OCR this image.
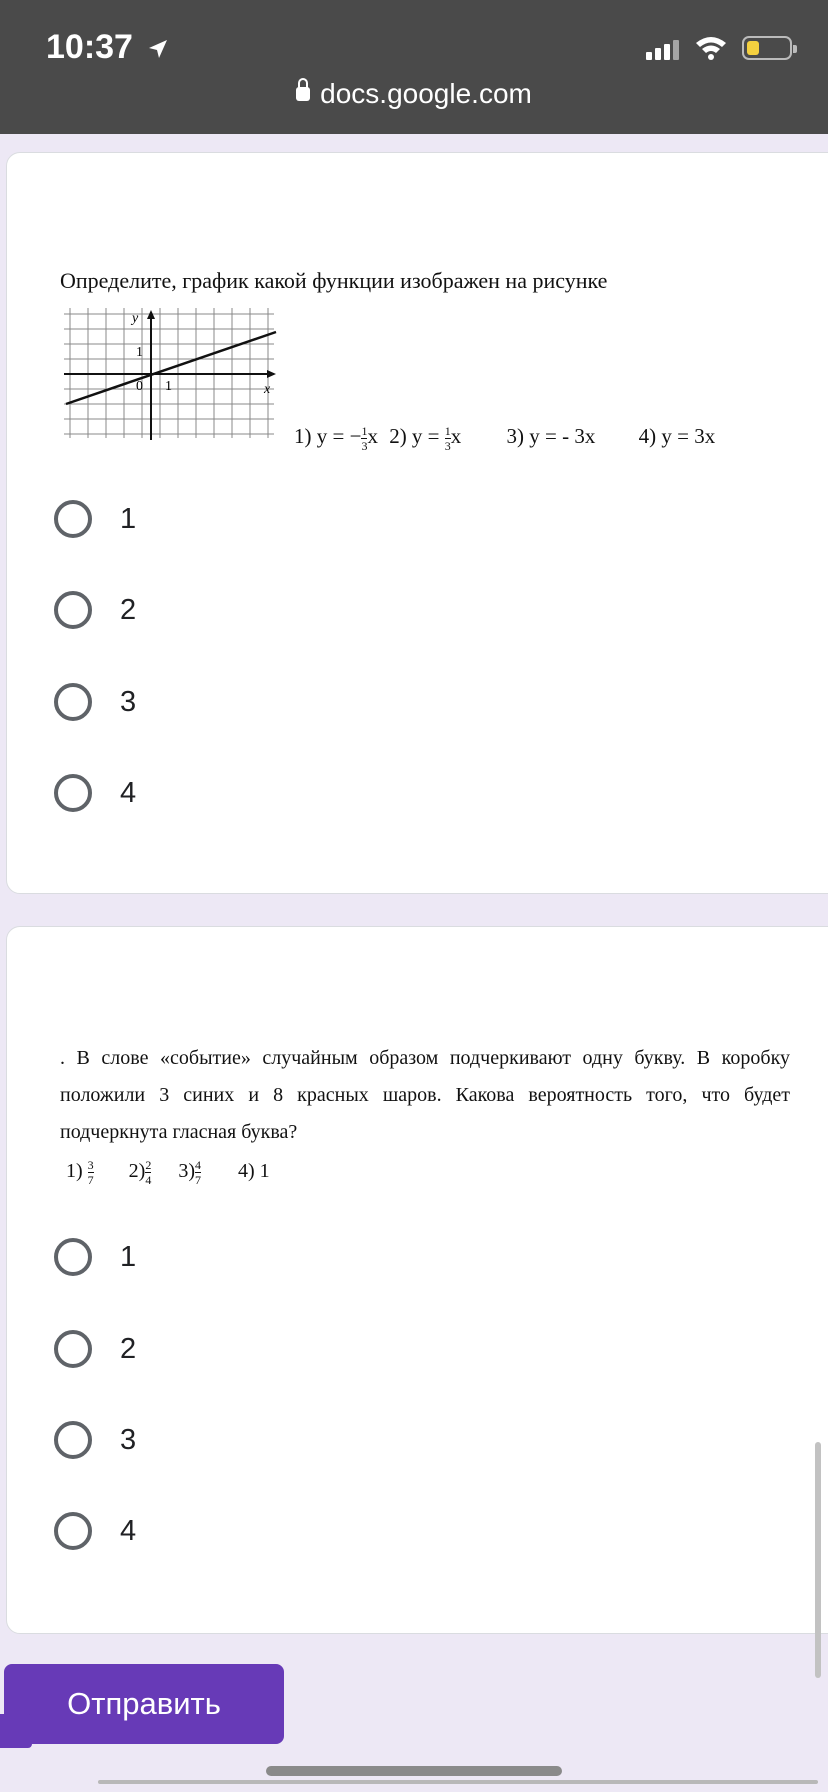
10:37
docs.google.com
Определите, график какой функции изображен на рисунке
y
1
0 1	x
1) y = − $\frac{1}{3}$ x 2) $y = \frac{1}{3}$ x 3) y = - 3x 4) y = 3x
1
2
3
4
. В слове «событие» случайным образом подчеркивают одну букву. В коробку положили 3 синих и 8 красных шаров. Какова вероятность того, что будет подчеркнута гласная буква?
$1) \frac{3}{7} 2) \frac{2}{4} 3) \frac{4}{7} 4$) 1
1
2
3
4
Отправить
